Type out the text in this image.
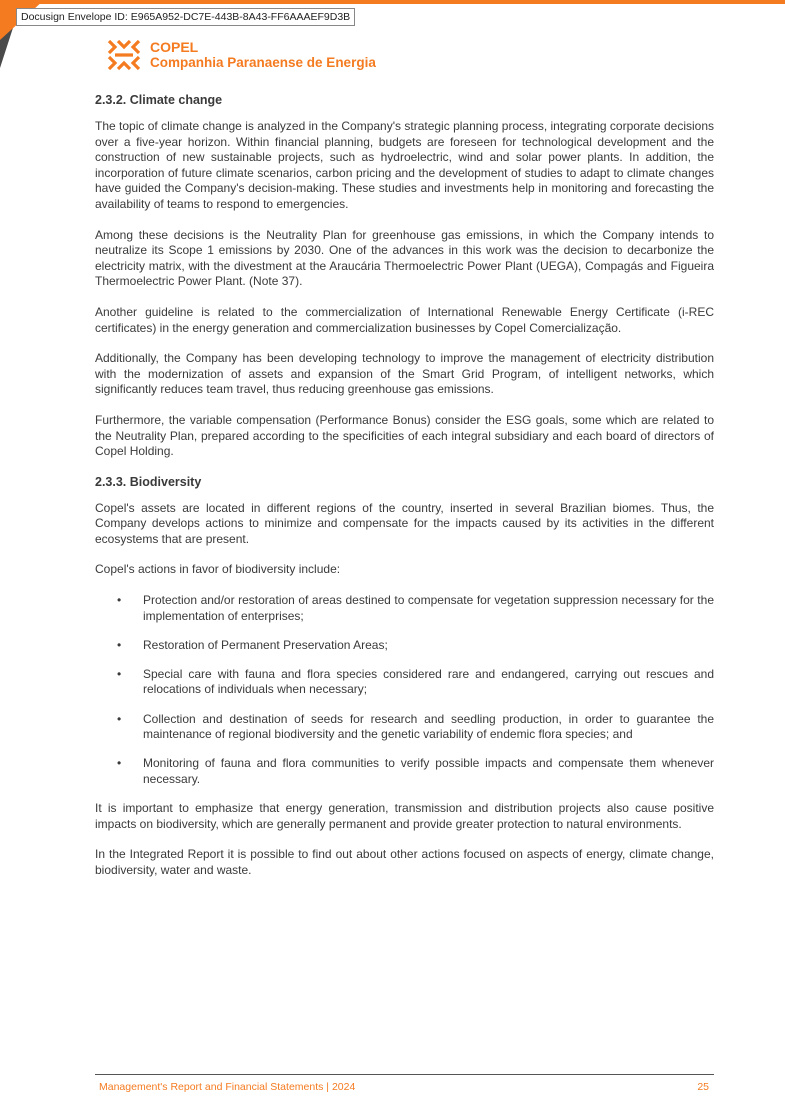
Docusign Envelope ID: E965A952-DC7E-443B-8A43-FF6AAAEF9D3B
COPEL
Companhia Paranaense de Energia
2.3.2. Climate change

The topic of climate change is analyzed in the Company's strategic planning process, integrating corporate decisions over a five-year horizon. Within financial planning, budgets are foreseen for technological development and the construction of new sustainable projects, such as hydroelectric, wind and solar power plants. In addition, the incorporation of future climate scenarios, carbon pricing and the development of studies to adapt to climate changes have guided the Company's decision-making. These studies and investments help in monitoring and forecasting the availability of teams to respond to emergencies.

Among these decisions is the Neutrality Plan for greenhouse gas emissions, in which the Company intends to neutralize its Scope 1 emissions by 2030. One of the advances in this work was the decision to decarbonize the electricity matrix, with the divestment at the Araucária Thermoelectric Power Plant (UEGA), Compagás and Figueira Thermoelectric Power Plant. (Note 37).

Another guideline is related to the commercialization of International Renewable Energy Certificate (i-REC certificates) in the energy generation and commercialization businesses by Copel Comercialização.

Additionally, the Company has been developing technology to improve the management of electricity distribution with the modernization of assets and expansion of the Smart Grid Program, of intelligent networks, which significantly reduces team travel, thus reducing greenhouse gas emissions.

Furthermore, the variable compensation (Performance Bonus) consider the ESG goals, some which are related to the Neutrality Plan, prepared according to the specificities of each integral subsidiary and each board of directors of Copel Holding.

2.3.3. Biodiversity

Copel's assets are located in different regions of the country, inserted in several Brazilian biomes. Thus, the Company develops actions to minimize and compensate for the impacts caused by its activities in the different ecosystems that are present.

Copel's actions in favor of biodiversity include:

• Protection and/or restoration of areas destined to compensate for vegetation suppression necessary for the implementation of enterprises;
• Restoration of Permanent Preservation Areas;
• Special care with fauna and flora species considered rare and endangered, carrying out rescues and relocations of individuals when necessary;
• Collection and destination of seeds for research and seedling production, in order to guarantee the maintenance of regional biodiversity and the genetic variability of endemic flora species; and
• Monitoring of fauna and flora communities to verify possible impacts and compensate them whenever necessary.

It is important to emphasize that energy generation, transmission and distribution projects also cause positive impacts on biodiversity, which are generally permanent and provide greater protection to natural environments.

In the Integrated Report it is possible to find out about other actions focused on aspects of energy, climate change, biodiversity, water and waste.

Management's Report and Financial Statements | 2024	25
